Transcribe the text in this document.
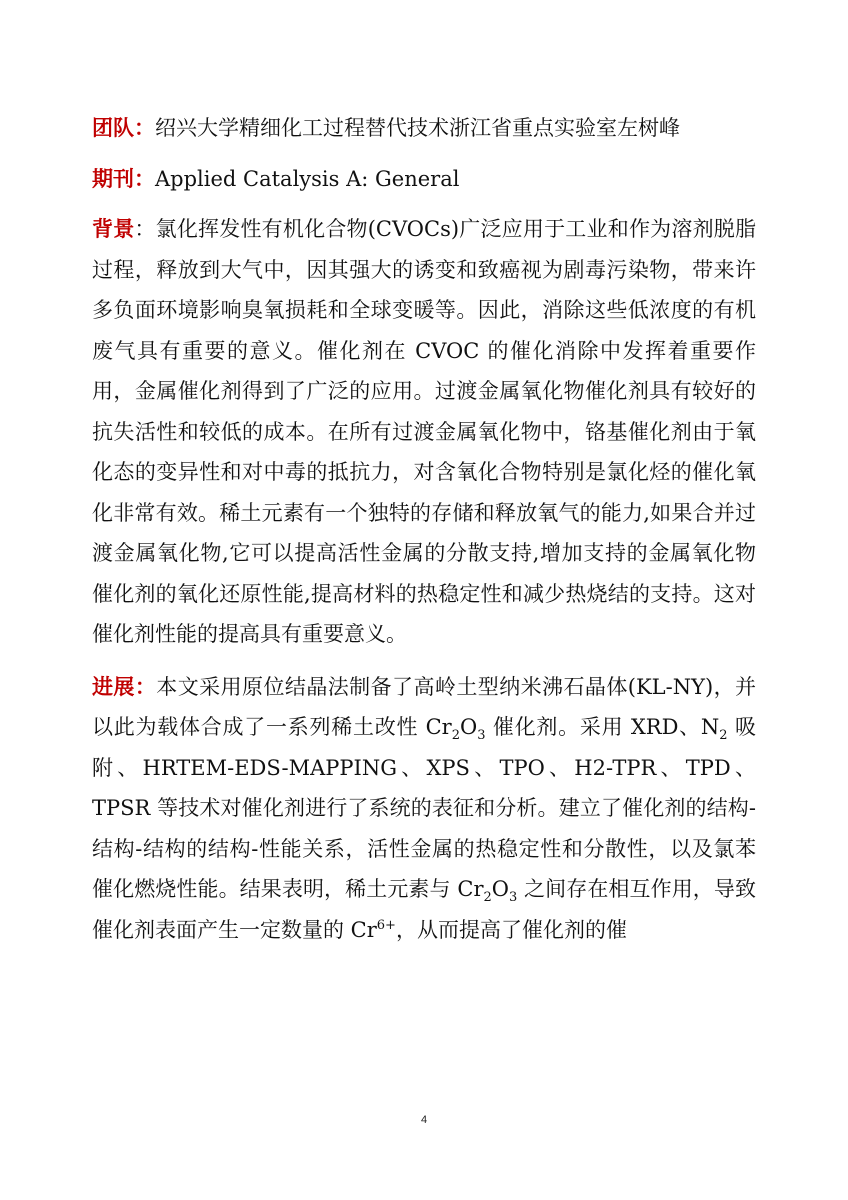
团队：绍兴大学精细化工过程替代技术浙江省重点实验室左树峰

期刊：Applied Catalysis A: General

背景：氯化挥发性有机化合物(CVOCs)广泛应用于工业和作为溶剂脱脂过程，释放到大气中，因其强大的诱变和致癌视为剧毒污染物，带来许多负面环境影响臭氧损耗和全球变暖等。因此，消除这些低浓度的有机废气具有重要的意义。催化剂在 CVOC 的催化消除中发挥着重要作用，金属催化剂得到了广泛的应用。过渡金属氧化物催化剂具有较好的抗失活性和较低的成本。在所有过渡金属氧化物中，铬基催化剂由于氧化态的变异性和对中毒的抵抗力，对含氧化合物特别是氯化烃的催化氧化非常有效。稀土元素有一个独特的存储和释放氧气的能力,如果合并过渡金属氧化物,它可以提高活性金属的分散支持,增加支持的金属氧化物催化剂的氧化还原性能,提高材料的热稳定性和减少热烧结的支持。这对催化剂性能的提高具有重要意义。

进展：本文采用原位结晶法制备了高岭土型纳米沸石晶体(KL-NY)，并以此为载体合成了一系列稀土改性 $Cr_2O_3$ 催化剂。采用 XRD、$N_2$ 吸附、HRTEM-EDS-MAPPING、XPS、TPO、H2-TPR、TPD、TPSR 等技术对催化剂进行了系统的表征和分析。建立了催化剂的结构-结构-结构的结构-性能关系，活性金属的热稳定性和分散性，以及氯苯催化燃烧性能。结果表明，稀土元素与 $Cr_2O_3$ 之间存在相互作用，导致催化剂表面产生一定数量的 $Cr^{6+}$，从而提高了催化剂的催

4
